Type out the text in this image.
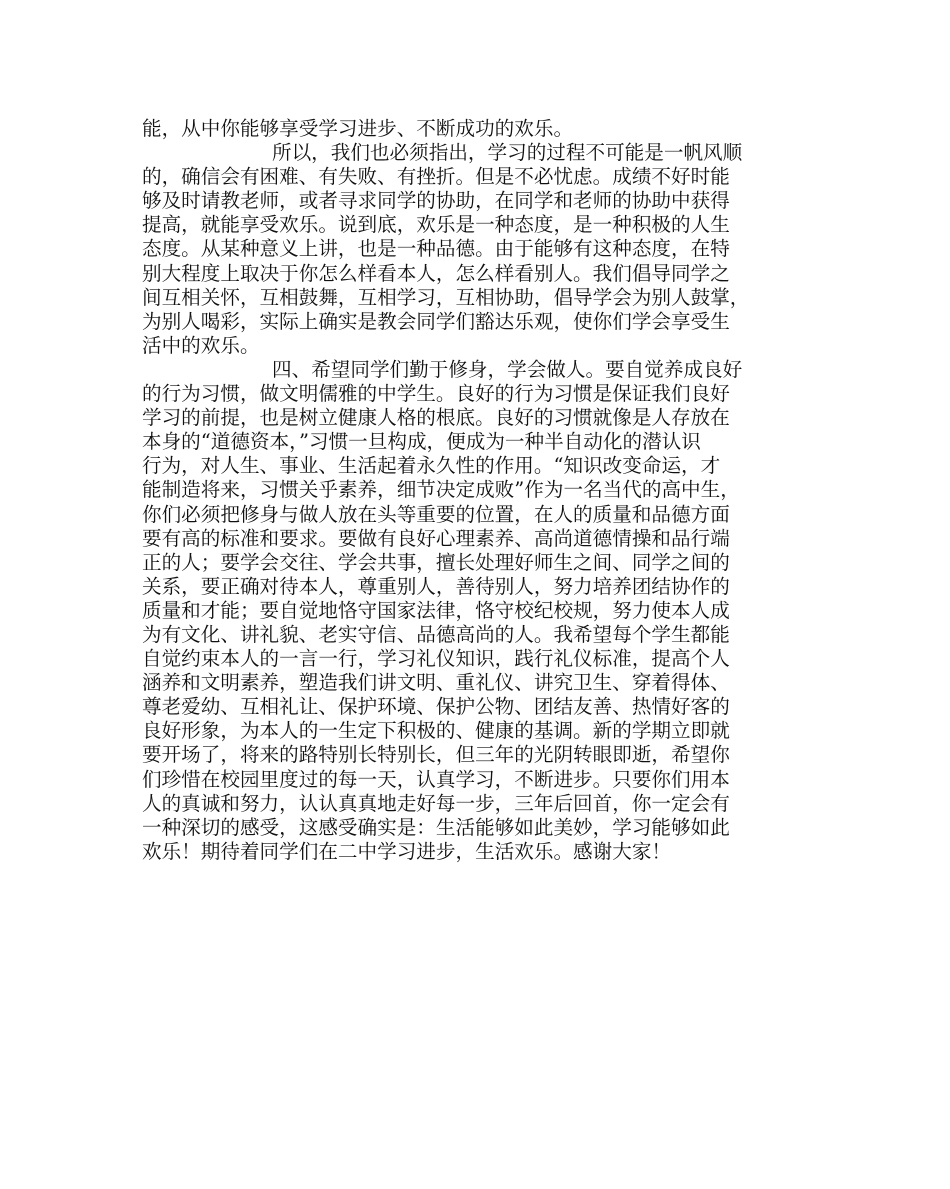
能，从中你能够享受学习进步、不断成功的欢乐。
所以，我们也必须指出，学习的过程不可能是一帆风顺
的，确信会有困难、有失败、有挫折。但是不必忧虑。成绩不好时能
够及时请教老师，或者寻求同学的协助，在同学和老师的协助中获得
提高，就能享受欢乐。说到底，欢乐是一种态度，是一种积极的人生
态度。从某种意义上讲，也是一种品德。由于能够有这种态度，在特
别大程度上取决于你怎么样看本人，怎么样看别人。我们倡导同学之
间互相关怀，互相鼓舞，互相学习，互相协助，倡导学会为别人鼓掌，
为别人喝彩，实际上确实是教会同学们豁达乐观，使你们学会享受生
活中的欢乐。
四、希望同学们勤于修身，学会做人。要自觉养成良好
的行为习惯，做文明儒雅的中学生。良好的行为习惯是保证我们良好
学习的前提，也是树立健康人格的根底。良好的习惯就像是人存放在
本身的“道德资本，”习惯一旦构成，便成为一种半自动化的潜认识
行为，对人生、事业、生活起着永久性的作用。“知识改变命运，才
能制造将来，习惯关乎素养，细节决定成败”作为一名当代的高中生，
你们必须把修身与做人放在头等重要的位置，在人的质量和品德方面
要有高的标准和要求。要做有良好心理素养、高尚道德情操和品行端
正的人；要学会交往、学会共事，擅长处理好师生之间、同学之间的
关系，要正确对待本人，尊重别人，善待别人，努力培养团结协作的
质量和才能；要自觉地恪守国家法律，恪守校纪校规，努力使本人成
为有文化、讲礼貌、老实守信、品德高尚的人。我希望每个学生都能
自觉约束本人的一言一行，学习礼仪知识，践行礼仪标准，提高个人
涵养和文明素养，塑造我们讲文明、重礼仪、讲究卫生、穿着得体、
尊老爱幼、互相礼让、保护环境、保护公物、团结友善、热情好客的
良好形象，为本人的一生定下积极的、健康的基调。新的学期立即就
要开场了，将来的路特别长特别长，但三年的光阴转眼即逝，希望你
们珍惜在校园里度过的每一天，认真学习，不断进步。只要你们用本
人的真诚和努力，认认真真地走好每一步，三年后回首，你一定会有
一种深切的感受，这感受确实是：生活能够如此美妙，学习能够如此
欢乐！期待着同学们在二中学习进步，生活欢乐。感谢大家！
